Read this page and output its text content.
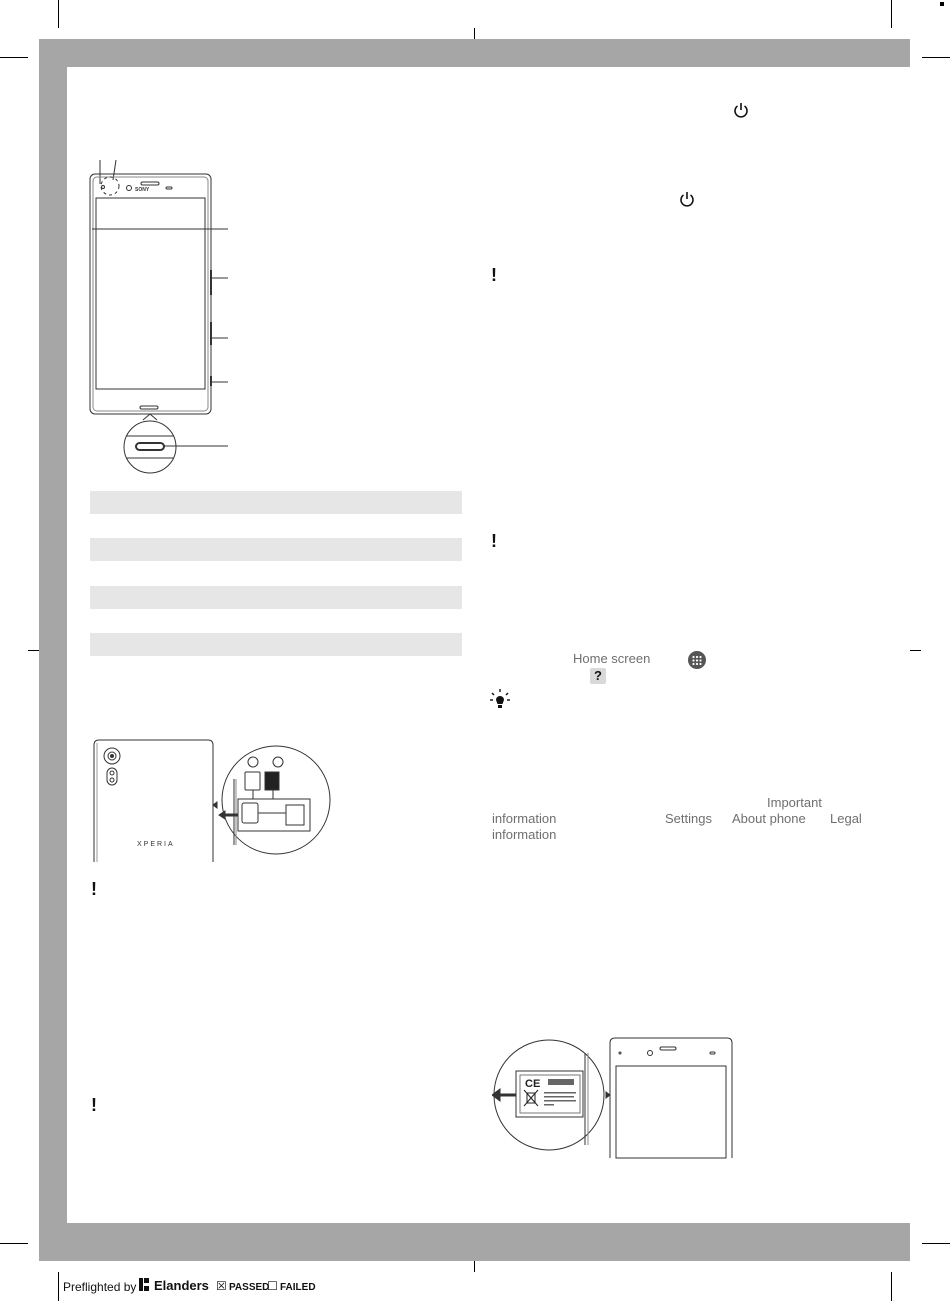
SONY
XPERIA
!
!
!
!
Home screen
?
Important
information	Settings About phone Legal
information
CE
Preflighted by Elanders ☒ PASSED
☐ FAILED
